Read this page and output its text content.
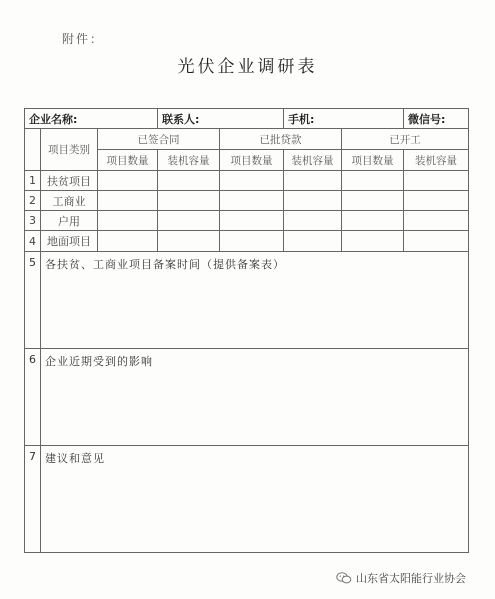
附件：
光伏企业调研表
企业名称:			联系人:		手机:		微信号:
	项目类别	已签合同		已批贷款		已开工	
		项目数量	装机容量	项目数量	装机容量	项目数量	装机容量
1	扶贫项目						
2	工商业						
3	户用						
4	地面项目						
5	各扶贫、工商业项目备案时间（提供备案表）						
6	企业近期受到的影响						
7	建议和意见						
山东省太阳能行业协会
